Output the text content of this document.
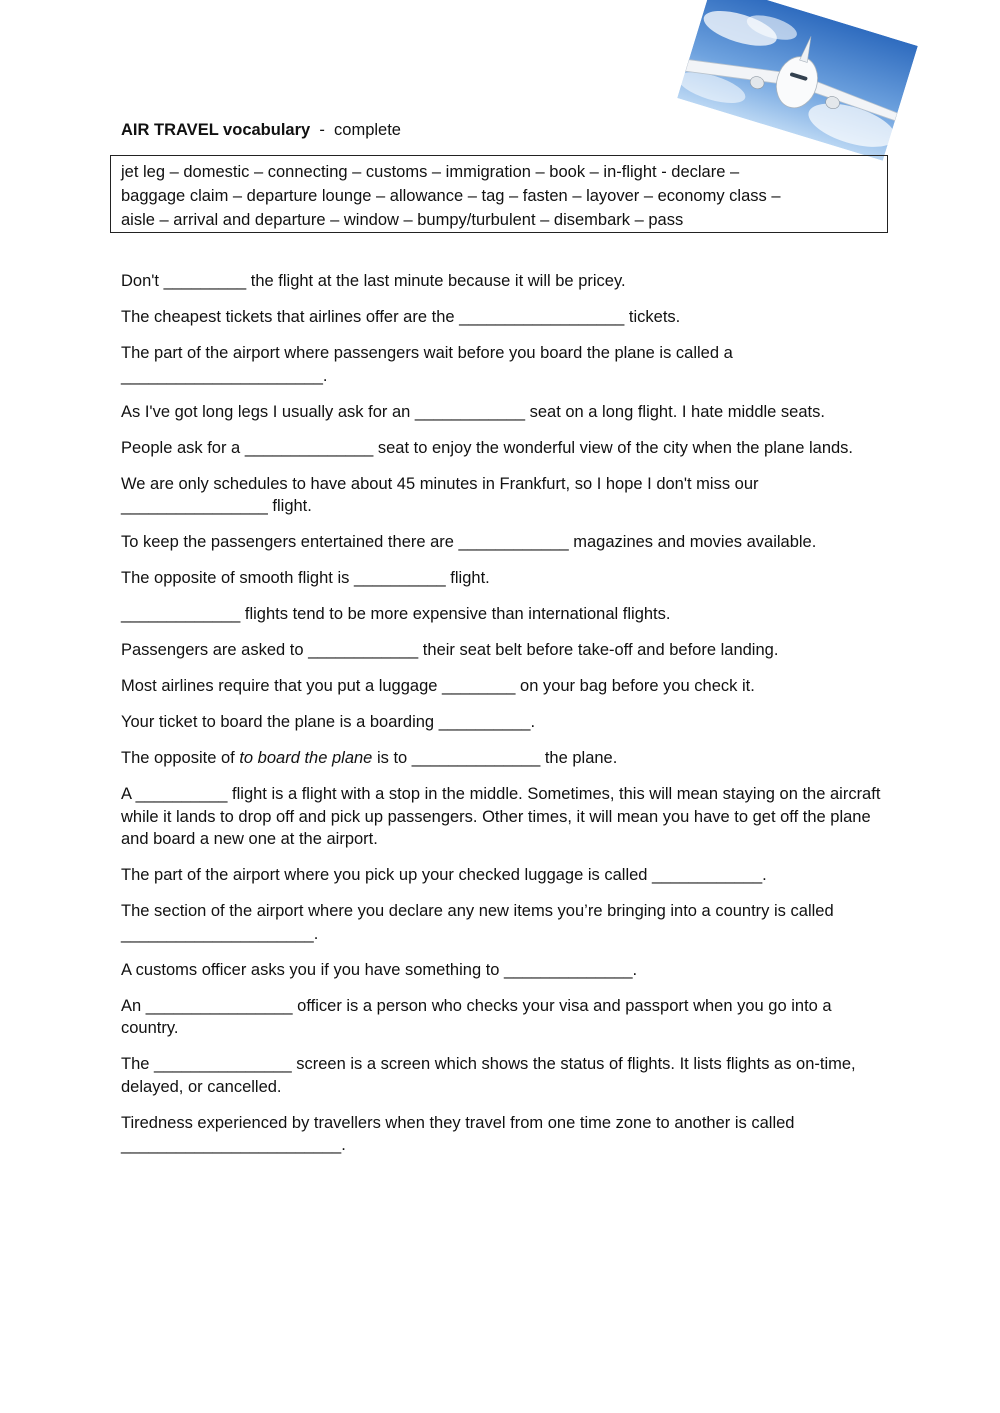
AIR TRAVEL vocabulary  -  complete
jet leg – domestic – connecting – customs – immigration – book – in-flight - declare –
baggage claim – departure lounge – allowance – tag – fasten – layover – economy class –
aisle – arrival and departure – window – bumpy/turbulent – disembark – pass

Don't _________ the flight at the last minute because it will be pricey.

The cheapest tickets that airlines offer are the __________________ tickets.

The part of the airport where passengers wait before you board the plane is called a ______________________.

As I've got long legs I usually ask for an ____________ seat on a long flight. I hate middle seats.

People ask for a ______________ seat to enjoy the wonderful view of the city when the plane lands.

We are only schedules to have about 45 minutes in Frankfurt, so I hope I don't miss our ________________ flight.

To keep the passengers entertained there are ____________ magazines and movies available.

The opposite of smooth flight is __________ flight.

_____________ flights tend to be more expensive than international flights.

Passengers are asked to ____________ their seat belt before take-off and before landing.

Most airlines require that you put a luggage ________ on your bag before you check it.

Your ticket to board the plane is a boarding __________.

The opposite of to board the plane is to ______________ the plane.

A __________ flight is a flight with a stop in the middle. Sometimes, this will mean staying on the aircraft while it lands to drop off and pick up passengers. Other times, it will mean you have to get off the plane and board a new one at the airport.

The part of the airport where you pick up your checked luggage is called ____________.

The section of the airport where you declare any new items you’re bringing into a country is called _____________________.

A customs officer asks you if you have something to ______________.

An ________________ officer is a person who checks your visa and passport when you go into a country.

The _______________ screen is a screen which shows the status of flights. It lists flights as on-time, delayed, or cancelled.

Tiredness experienced by travellers when they travel from one time zone to another is called ________________________.
